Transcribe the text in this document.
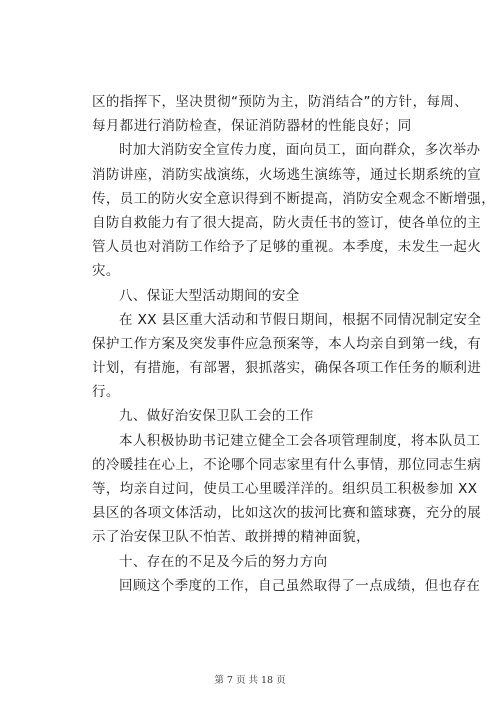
区的指挥下，坚决贯彻“预防为主，防消结合”的方针，每周、
每月都进行消防检查，保证消防器材的性能良好；同
时加大消防安全宣传力度，面向员工，面向群众，多次举办
消防讲座，消防实战演练，火场逃生演练等，通过长期系统的宣
传，员工的防火安全意识得到不断提高，消防安全观念不断增强，
自防自救能力有了很大提高，防火责任书的签订，使各单位的主
管人员也对消防工作给予了足够的重视。本季度，未发生一起火
灾。
八、保证大型活动期间的安全
在 XX 县区重大活动和节假日期间，根据不同情况制定安全
保护工作方案及突发事件应急预案等，本人均亲自到第一线，有
计划，有措施，有部署，狠抓落实，确保各项工作任务的顺利进
行。
九、做好治安保卫队工会的工作
本人积极协助书记建立健全工会各项管理制度，将本队员工
的冷暖挂在心上，不论哪个同志家里有什么事情，那位同志生病
等，均亲自过问，使员工心里暖洋洋的。组织员工积极参加 XX
县区的各项文体活动，比如这次的拔河比赛和篮球赛，充分的展
示了治安保卫队不怕苦、敢拼搏的精神面貌，
十、存在的不足及今后的努力方向
回顾这个季度的工作，自己虽然取得了一点成绩，但也存在
第 7 页 共 18 页
